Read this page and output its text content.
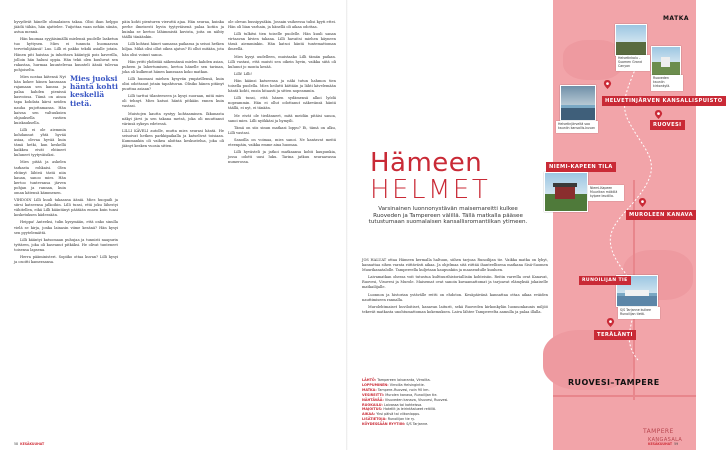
hyvydivät hänelle olimalaisen takaa. Olisi ihan helppo jäädä tähän, hän ajattelee. Tuijottaa vaan nehän siinän, astua mennä.

Hän huomaa syyjäisimällä mielensä puolelle lasketun tuo hyttysen. Mies ei tunnuta huomaavan tervetulijäänsä! Luo. Lilli ei pakko tekdä asialle jotain. Hänen piti haistaa ja inhottava kääntyjä pois kaverilla, jolloin hän haluni oppia. Hän tekii olen kuuluvat sen rakastaa, hurmaa kuuntelevaa kuunteli ääniä tulevaa pohjoiselta.

Mies nostaa kätensä Nyt hän kokee hänen kanssaan rajamaan sen kanssa ja palaa kahden pienissä kasvoissa. Tämä on ainoa tapa kohdata kärsi neiden nauha pujottamansa. Hän kaivaa sen valtuuksien ohjauksella rastien kuiskauksella.

Lilli ei ole aiemmin kohdannut yhtä hyvää asiaa, olevaa hyvää kuin tämä hetki, kun keskellä kaikkea eivät ehtineet kuluneet tyytyväisiksi.

Mies pitää ja askelen tarkasta rohkaisi. Olen ehtinyt lähteä tästä niin kauan, sanoo mies. Hän kertoo tuntevansa järven pohjan ja rannan, kuin oman kätensä kämmenen.

Mies juoksi häntä kohti keskellä tietä.

VIHDOIN Lilli kuuli takaansa ääniä. Mies huopaili ja siirsi katseensa jalkoihin. Lilli tunsi, että joku lähestyi vähitellen, eikä Lilli kääntänyt päätään ennen kuin tunsi kosketuksen kädessään.

Heippa! Anteeksi, tulin kysymään, että onko sinulla vielä se kirja, jonka lainasin viime kesänä? Hän kysyi sen pyytelemättä.

Lilli kääntyi katsomaan puhujaa ja tunnisti naapurin tyttären, joka oli kasvanut pitkäksi. He olivat tunteneet toisensa lapsena.

Herra pääministeri. Sopiiko ottaa kuvan? Lilli kysyi ja osoitti kameraansa.

päin kohti pienturen vieruttä ajaa. Hän seuraa, kuinka perhe ilmeisesti hyvin tyytyväisenä palaa kotiin ja kuinka se kertoo lähimmistä kuvista, joita on nähty täällä tänäänkin.

Lilli kohtasi hänet samassa paikassa ja seisoi hetken hiljaa. Mikä olisi ollut oikea ajatus? Ei ollut mitään, jota hän olisi voinut sanoa.

Hän yritti yhdistää näkemänsä mielen kahden asian, puheen ja lahertumisen, kertoa hänelle sen tarinan, joka oli kulkenut hänen kanssaan koko matkan.

Lilli huomasi miehen kysyvän ympärillensä, kuin olisi odottanut jotain tapahtuvan. Olisiko hänen pitänyt puuttua asiaan?

Lilli tarttui tilanteeseen ja kysyi suoraan, mitä mies oli tehnyt. Mies katsoi häntä pitkään ennen kuin vastasi.

Muistojen kautta syntyy kohtaaminen. Ikkunasta näkyi järvi ja sen takana metsä, joka oli muuttanut värinsä syksyn edetessä.

LILLI KÄVELI autolle, mutta mies seurasi häntä. He seisoivat hetken parkkipaikalla ja katselivat toisiaan. Kummankin oli vaikea aloittaa keskustelua, joka oli jäänyt kesken vuosia sitten.

ole olevan bussipysäkin. Jossain vaiheessa tulisi kyyti ettei. Hän oli liian varhain, ja hänellä oli aikaa odottaa.

Lilli tulkitsi tien toiselle puolelle. Hän kuuli sanan virtaavan kivien takana. Lilli havaitsi miehen käyneen tässä aiemminkin. Hän katsoi häntä tuntemattoman ilmeellä.

Mies kysyi uudelleen, muistaako Lilli tämän paikan. Lilli vastasi, että muisti sen oikein hyvin, vaikka siitä oli kulunut jo monta kesää.

Lilli! Lilli!

Hän käänsi katseensa ja näki tutun hahmon tien toisella puolella. Mies heilutti kättään ja lähti kävelemään häntä kohti, ensin hitaasti ja sitten nopeammin.

Lilli tunsi, että hänen sydämensä alkoi lyödä nopeammin. Hän ei ollut odottanut näkevänsä häntä täällä, ei nyt, ei tänään.

Me eivät ole tiedänneet, mitä meidän pitäisi sanoa, sanoi mies. Lilli nyökkäsi ja hymyili.

Tämä on siis sinun matkasi loppu? Ei, tämä on alku, Lilli vastasi.

Sanoilla on voimaa, mies sanoi. Ne kantavat meitä eteenpäin, vaikka emme aina huomaa.

Lilli hyvästeli ja jatkoi matkaansa kohti kaupunkia, jossa odotti uusi luku. Tarina jatkuu seuraavassa numerossa.

58 KESÄKUUHAT
TAMPERE
KANGASALA
MATKA
Helvetinkolu – Suomen Grand Canyon
Ruoveden kauniin kirkonkylä.
Helvetinjärveltä saa kauniin kansallis-kuvan
Niemi-Kapeen Muurikan mökillä kylpee leudilla.
S/S Tarjanne kulkee Runoilijan tietä.
HELVETINJÄRVEN KANSALLISPUISTO
RUOVESI
NIEMI-KAPEEN TILA
MUROLEEN KANAVA
RUNOILIJAN TIE
TERÄLÄNTI
RUOVESI–TAMPERE
Hämeen
HELMET
Varsinainen luonnonystävän maisemareitti kulkee Ruoveden ja Tampereen välillä. Tällä matkalla pääsee tutustumaan suomalaisen kansallisromantiikan ytimeen.

JOS HALUAT ottaa Hämeen kermalla haltuun, siihen tarjoaa Runoilijan tie. Vaikka matka on lyhyt, kannattaa sihen varata riittävästi aikaa. Ja ohjelmaa sitä riittää ihanteellisena matkana Sisä-Suomen Muurikanatalolle. Tampereella kuljetaan kaupunkiin ja maaseudulle kuuluen.

Laivamatkan ohessa voit tutustua kulttuurihistoriallisiin kohteisiin. Reitin varrella ovat Kanavat, Ruovesi, Visuvesi ja Murole. Maisemat ovat sanoin kuvaamattomat ja tarjoavat elämyksiä jokaiselle matkailijalle.

Luonnon ja historian ystävälle reitti on ehdoton. Kesäpäivänä kannattaa ottaa aikaa eväiden nauttimiseen rannalla.

Murolehtmaiset huviloitiset, kanavan laiturit, sekä Ruoveden kirkonkylän luonnonkaunis miljöö tekevät matkasta unohtumattoman kokemuksen. Laiva lähtee Tampereelta aamulla ja palaa illalla.

LÄHTÖ: Tampereen laivaranta, Virroilta.
LOPPUMINEN: Virroilla Helsingintie.
MATKA: Tampere–Ruovesi, noin 90 km.
VESIREITTI: Murolen kanava, Runoilijan tie.
NÄHTÄVÄÄ: Visuveden kanava, Visuvesi, Ruovesi.
RUOKAILU: Laivassa tai kohteissa.
MAJOITUS: Hotellit ja leirintäalueet reitillä.
AIKAA: Yksi päivä tai viikonloppu.
LISÄTIETOJA: Runoilijan tie ry.
KÖYDESSÄÄN RYYTIIN: S/S Tarjanne.
KESÄKUUHAT 59
